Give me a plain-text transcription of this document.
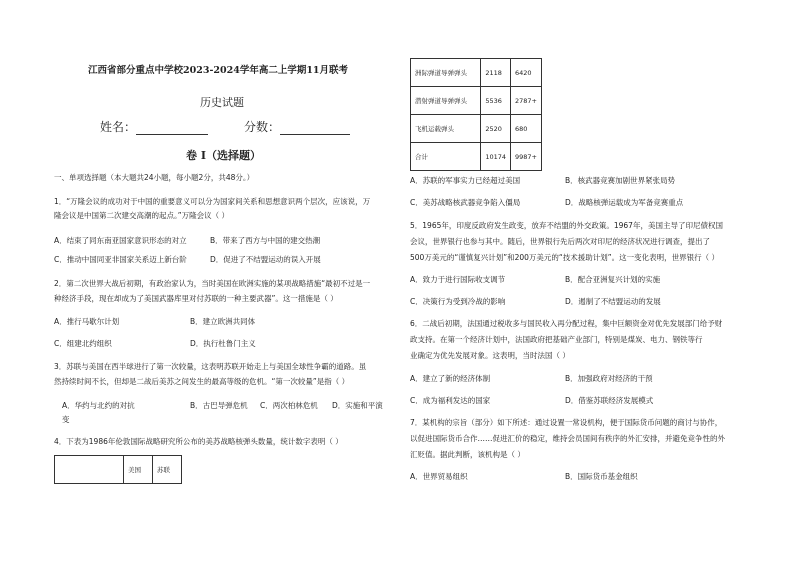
江西省部分重点中学校2023-2024学年高二上学期11月联考
历史试题
姓名：	分数：
卷 I（选择题）
一、单项选择题（本大题共24小题，每小题2分，共48分。）
1．“万隆会议的成功对于中国的重要意义可以分为国家间关系和思想意识两个层次，应该说，万
隆会议是中国第二次建交高潮的起点。”万隆会议（ ）
A．结束了同东南亚国家意识形态的对立	B．带来了西方与中国的建交热潮
C．推动中国同亚非国家关系迈上新台阶	D．促进了不结盟运动的误入开展
2．第二次世界大战后初期，有政治家认为，当时美国在欧洲实施的某项战略措施“最初不过是一
种经济手段，现在却成为了美国武器库里对付苏联的一种主要武器”。这一措施是（ ）
A．推行马歇尔计划	B．建立欧洲共同体
C．组建北约组织	D．执行杜鲁门主义
3．苏联与美国在西半球进行了第一次较量，这表明苏联开始走上与美国全球性争霸的道路。虽
然持续时间不长，但却是二战后美苏之间发生的最高等级的危机。“第一次较量”是指（ ）
A．华约与北约的对抗	B．古巴导弹危机 C．两次柏林危机 D．实施和平演
变
4．下表为1986年伦敦国际战略研究所公布的美苏战略核弹头数量，统计数字表明（ ）
	美国	苏联
洲际弹道导弹弹头	2118	6420
潜射弹道导弹弹头	5536	2787+
飞机运载弹头	2520	680
合计	10174	9987+
A．苏联的军事实力已经超过美国	B．核武器竞赛加剧世界紧张局势
C．美苏战略核武器竞争陷入僵局	D．战略核弹运载成为军备竞赛重点
5．1965年，印度反政府发生政变，放弃不结盟的外交政策。1967年，美国主导了印尼债权国
会议，世界银行也参与其中。随后，世界银行先后两次对印尼的经济状况进行调查，提出了
500万美元的“谨慎复兴计划”和200万美元的“技术援助计划”。这一变化表明，世界银行（ ）
A．致力于进行国际收支调节	B．配合亚洲复兴计划的实施
C．决策行为受到冷战的影响	D．遏制了不结盟运动的发展
6．二战后初期，法国通过税收多与国民收入再分配过程，集中巨额资金对优先发展部门给予财
政支持。在第一个经济计划中，法国政府把基础产业部门，特别是煤炭、电力、钢铁等行
业确定为优先发展对象。这表明，当时法国（ ）
A．建立了新的经济体制	B．加强政府对经济的干预
C．成为福利发达的国家	D．借鉴苏联经济发展模式
7．某机构的宗旨（部分）如下所述：通过设置一常设机构，便于国际货币问题的商讨与协作，
以促进国际货币合作……促进汇价的稳定，维持会员国间有秩序的外汇安排，并避免竞争性的外
汇贬值。据此判断，该机构是（ ）
A．世界贸易组织	B．国际货币基金组织
